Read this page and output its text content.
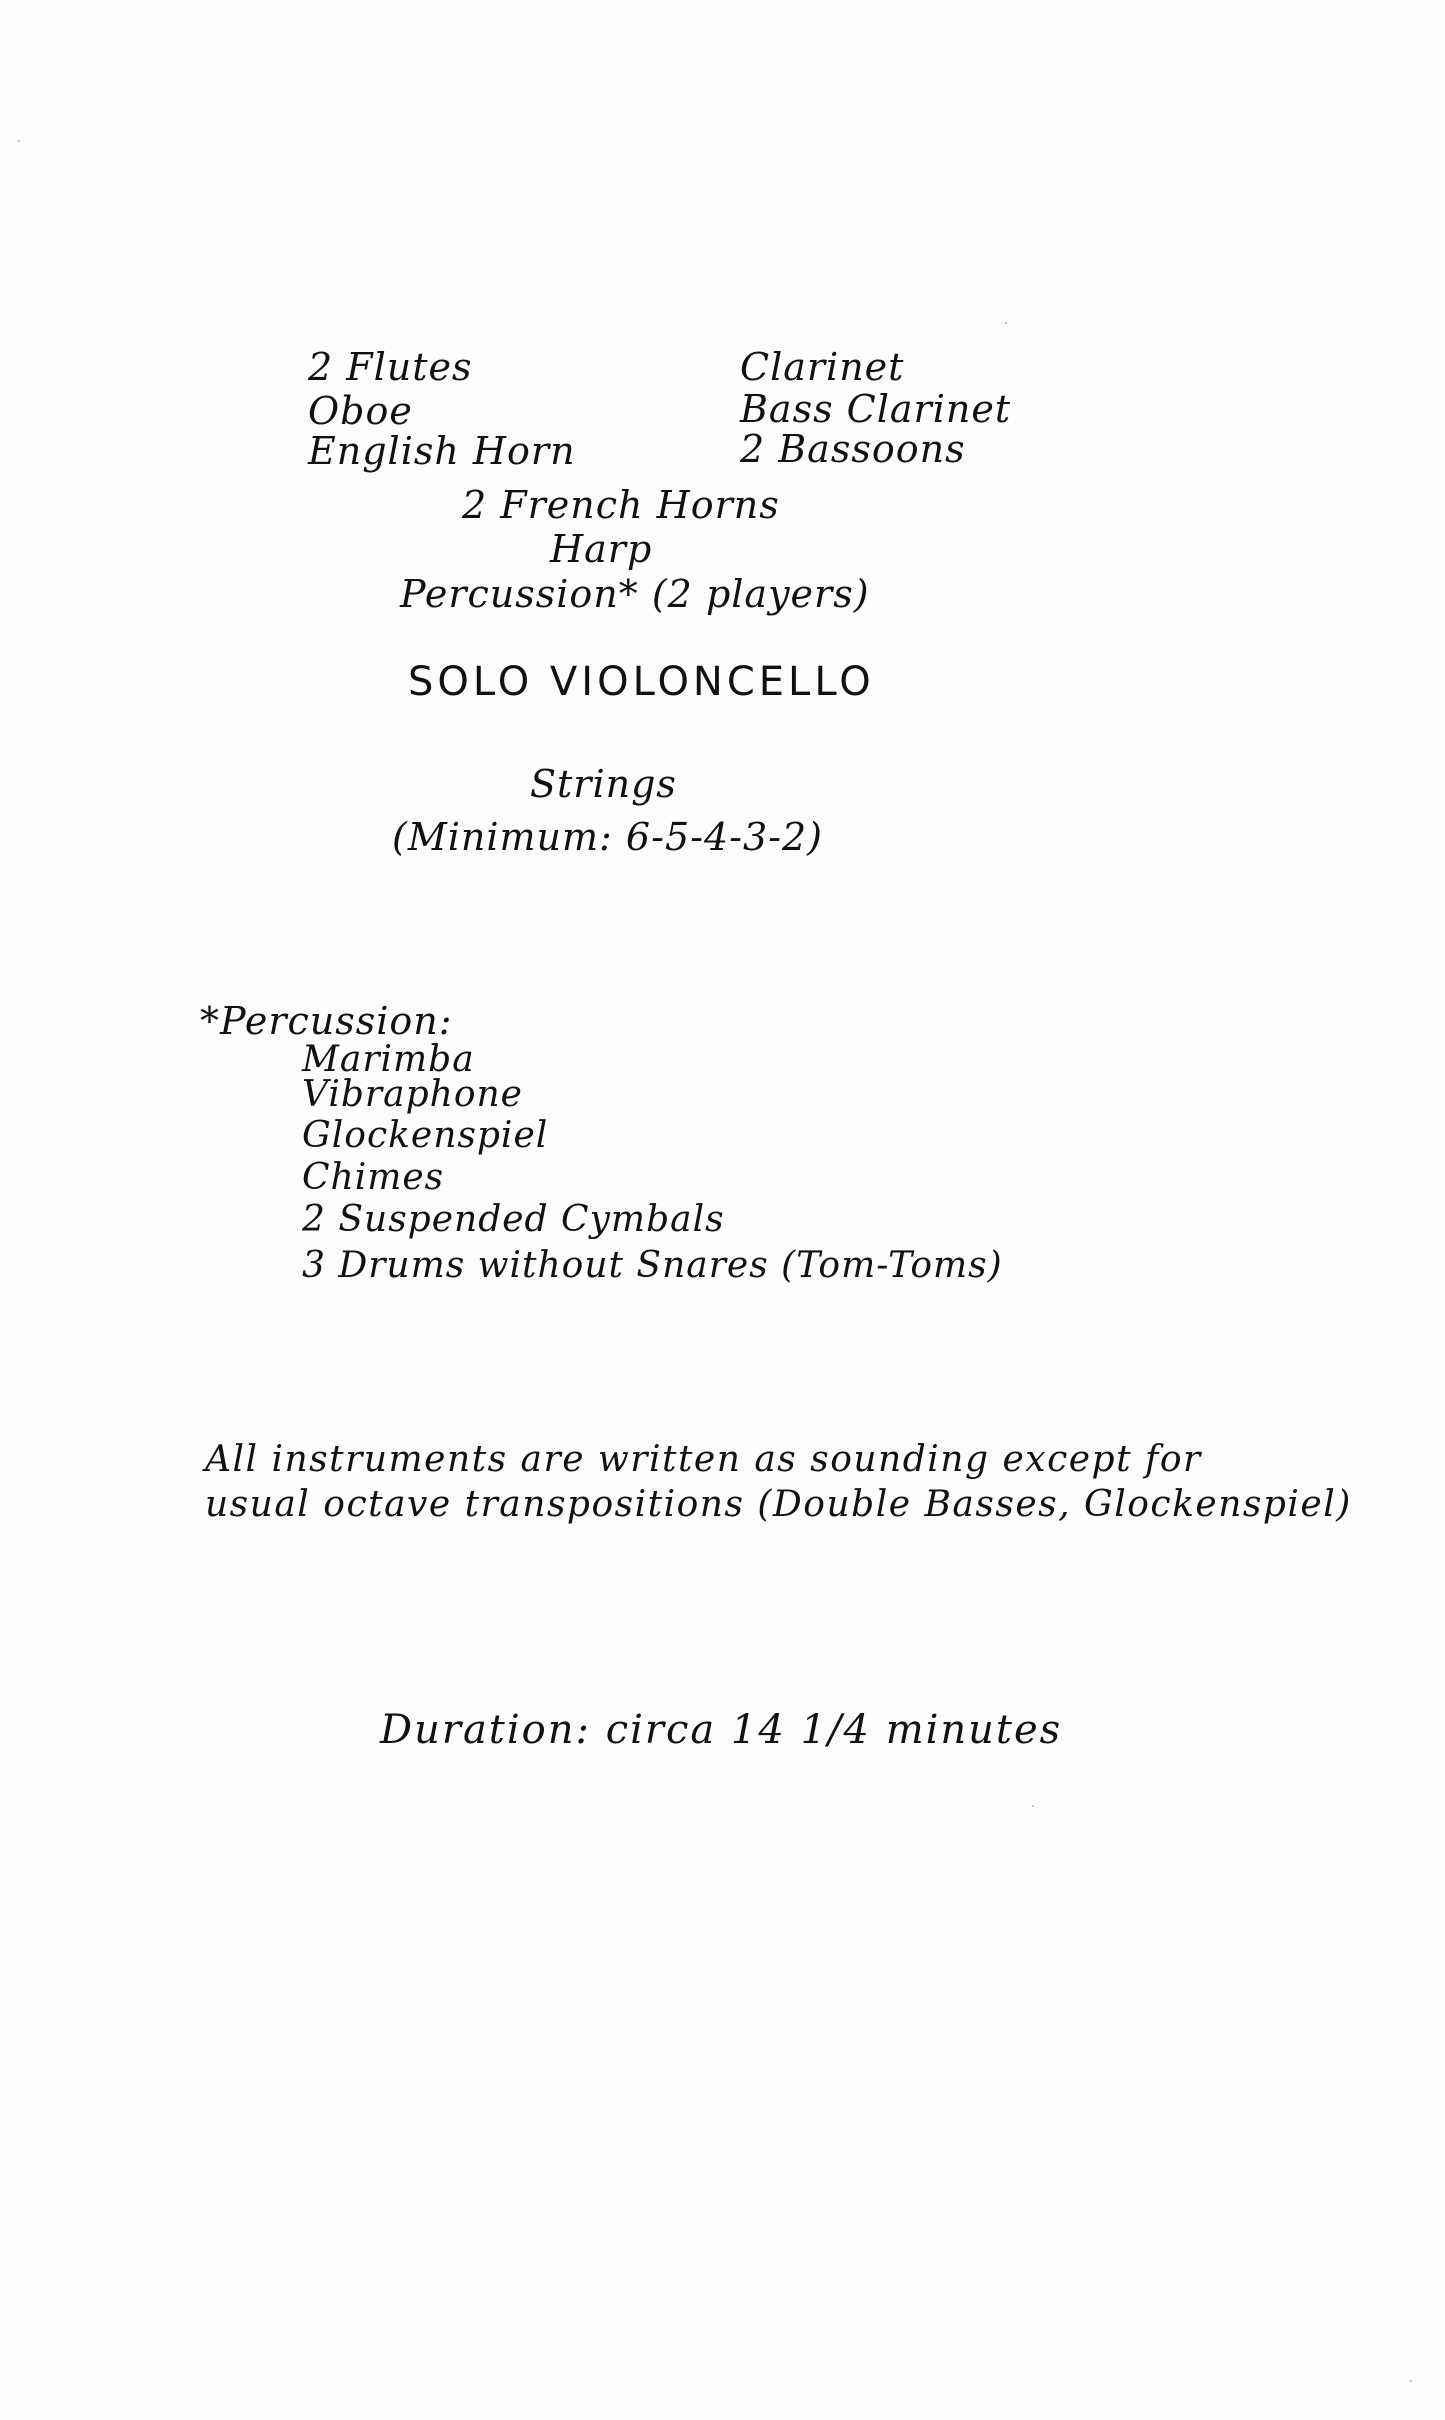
2 Flutes
Oboe
English Horn
Clarinet
Bass Clarinet
2 Bassoons
2 French Horns
Harp
Percussion* (2 players)
SOLO VIOLONCELLO
Strings
(Minimum: 6-5-4-3-2)
*Percussion:
Marimba
Vibraphone
Glockenspiel
Chimes
2 Suspended Cymbals
3 Drums without Snares (Tom-Toms)
All instruments are written as sounding except for
usual octave transpositions (Double Basses, Glockenspiel)
Duration: circa 14 1/4 minutes
